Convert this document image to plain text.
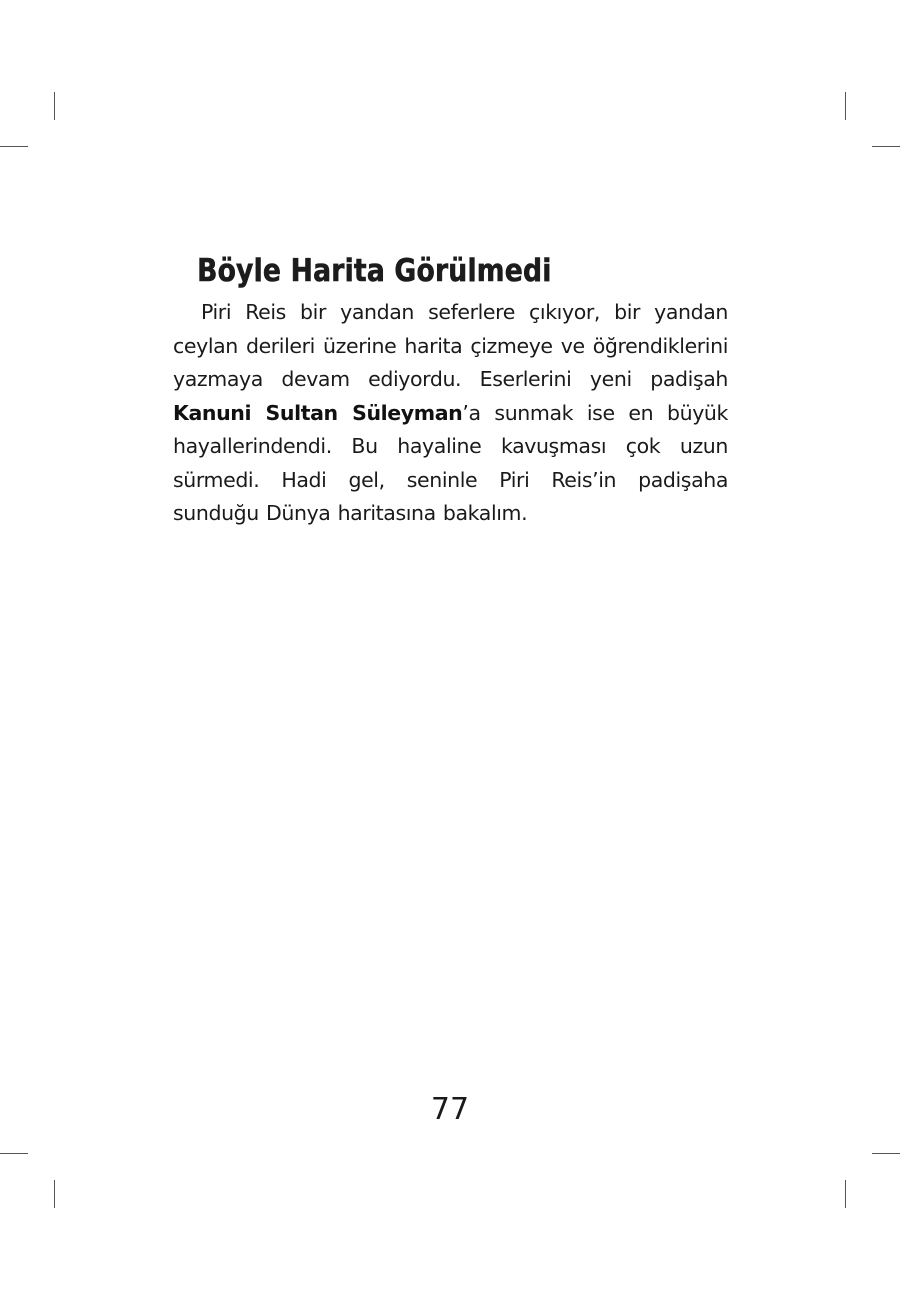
Böyle Harita Görülmedi

Piri Reis bir yandan seferlere çıkıyor, bir yandan ceylan derileri üzerine harita çizmeye ve öğrendiklerini yazmaya devam ediyordu. Eserlerini yeni padişah Kanuni Sultan Süleyman’a sunmak ise en büyük hayallerindendi. Bu hayaline kavuşması çok uzun sürmedi. Hadi gel, seninle Piri Reis’in padişaha sunduğu Dünya haritasına bakalım.

77
